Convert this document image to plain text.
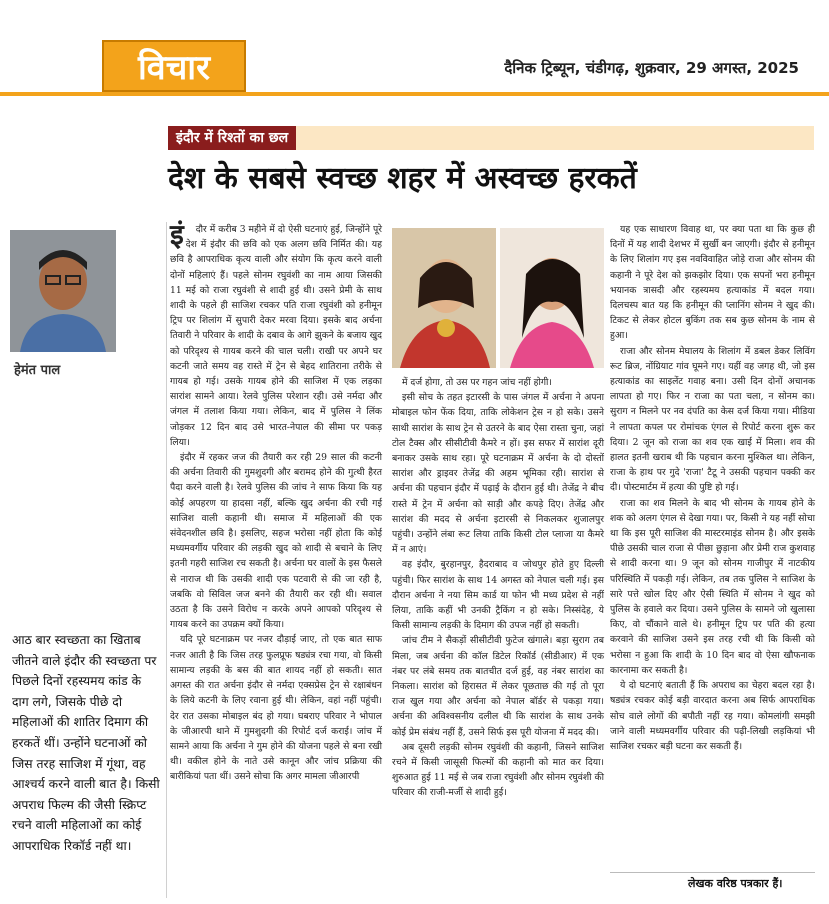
विचार	दैनिक ट्रिब्यून, चंडीगढ़, शुक्रवार, 29 अगस्त, 2025
इंदौर में रिश्तों का छल
देश के सबसे स्वच्छ शहर में अस्वच्छ हरकतें
हेमंत पाल
आठ बार स्वच्छता का खिताब जीतने वाले इंदौर की स्वच्छता पर पिछले दिनों रहस्यमय कांड के दाग लगे, जिसके पीछे दो महिलाओं की शातिर दिमाग की हरकतें थीं। उन्होंने घटनाओं को जिस तरह साजिश में गूंथा, वह आश्चर्य करने वाली बात है। किसी अपराध फिल्म की जैसी स्क्रिप्ट रचने वाली महिलाओं का कोई आपराधिक रिकॉर्ड नहीं था।
इं	दौर में करीब 3 महीने में दो ऐसी घटनाएं हुई, जिन्होंने पूरे देश में इंदौर की छवि को एक अलग छवि निर्मित की। यह छवि है आपराधिक कृत्य वाली और संयोग कि कृत्य करने वाली दोनों महिलाएं हैं। पहले सोनम रघुवंशी का नाम आया जिसकी 11 मई को राजा रघुवंशी से शादी हुई थी। उसने प्रेमी के साथ शादी के पहले ही साजिश रचकर पति राजा रघुवंशी को हनीमून ट्रिप पर शिलांग में सुपारी देकर मरवा दिया। इसके बाद अर्चना तिवारी ने परिवार के शादी के दबाव के आगे झुकने के बजाय खुद को परिदृश्य से गायब करने की चाल चली। राखी पर अपने घर कटनी जाते समय वह रास्ते में ट्रेन से बेहद शातिराना तरीके से गायब हो गई। उसके गायब होने की साजिश में एक लड़का सारांश सामने आया। रेलवे पुलिस परेशान रही। उसे नर्मदा और जंगल में तलाश किया गया। लेकिन, बाद में पुलिस ने लिंक जोड़कर 12 दिन बाद उसे भारत-नेपाल की सीमा पर पकड़ लिया।

इंदौर में रहकर जज की तैयारी कर रही 29 साल की कटनी की अर्चना तिवारी की गुमशुदगी और बरामद होने की गुत्थी हैरत पैदा करने वाली है। रेलवे पुलिस की जांच ने साफ किया कि यह कोई अपहरण या हादसा नहीं, बल्कि खुद अर्चना की रची गई साजिश वाली कहानी थी। समाज में महिलाओं की एक संवेदनशील छवि है। इसलिए, सहज भरोसा नहीं होता कि कोई मध्यमवर्गीय परिवार की लड़की खुद को शादी से बचाने के लिए इतनी गहरी साजिश रच सकती है। अर्चना घर वालों के इस फैसले से नाराज थी कि उसकी शादी एक पटवारी से की जा रही है, जबकि वो सिविल जज बनने की तैयारी कर रही थी। सवाल उठता है कि उसने विरोध न करके अपने आपको परिदृश्य से गायब करने का उपक्रम क्यों किया।

यदि पूरे घटनाक्रम पर नजर दौड़ाई जाए, तो एक बात साफ नजर आती है कि जिस तरह फुलप्रूफ षड्यंत्र रचा गया, वो किसी सामान्य लड़की के बस की बात शायद नहीं हो सकती। सात अगस्त की रात अर्चना इंदौर से नर्मदा एक्सप्रेस ट्रेन से रक्षाबंधन के लिये कटनी के लिए रवाना हुई थी। लेकिन, वहां नहीं पहुंची। देर रात उसका मोबाइल बंद हो गया। घबराए परिवार ने भोपाल के जीआरपी थाने में गुमशुदगी की रिपोर्ट दर्ज कराई। जांच में सामने आया कि अर्चना ने गुम होने की योजना पहले से बना रखी थी। वकील होने के नाते उसे कानून और जांच प्रक्रिया की बारीकियां पता थीं। उसने सोचा कि अगर मामला जीआरपी

में दर्ज होगा, तो उस पर गहन जांच नहीं होगी।

इसी सोच के तहत इटारसी के पास जंगल में अर्चना ने अपना मोबाइल फोन फेंक दिया, ताकि लोकेशन ट्रेस न हो सके। उसने साथी सारांश के साथ ट्रेन से उतरने के बाद ऐसा रास्ता चुना, जहां टोल टैक्स और सीसीटीवी कैमरे न हों। इस सफर में सारांश दूरी बनाकर उसके साथ रहा। पूरे घटनाक्रम में अर्चना के दो दोस्तों सारांश और ड्राइवर तेजेंद्र की अहम भूमिका रही। सारांश से अर्चना की पहचान इंदौर में पढ़ाई के दौरान हुई थी। तेजेंद्र ने बीच रास्ते में ट्रेन में अर्चना को साड़ी और कपड़े दिए। तेजेंद्र और सारांश की मदद से अर्चना इटारसी से निकलकर शुजालपुर पहुंची। उन्होंने लंबा रूट लिया ताकि किसी टोल प्लाजा या कैमरे में न आएं।

वह इंदौर, बुरहानपुर, हैदराबाद व जोधपुर होते हुए दिल्ली पहुंची। फिर सारांश के साथ 14 अगस्त को नेपाल चली गई। इस दौरान अर्चना ने नया सिम कार्ड या फोन भी मध्य प्रदेश से नहीं लिया, ताकि कहीं भी उनकी ट्रैकिंग न हो सके। निस्संदेह, ये किसी सामान्य लड़की के दिमाग की उपज नहीं हो सकती।

जांच टीम ने सैकड़ों सीसीटीवी फुटेज खंगाले। बड़ा सुराग तब मिला, जब अर्चना की कॉल डिटेल रिकॉर्ड (सीडीआर) में एक नंबर पर लंबे समय तक बातचीत दर्ज हुई, वह नंबर सारांश का निकला। सारांश को हिरासत में लेकर पूछताछ की गई तो पूरा राज खुल गया और अर्चना को नेपाल बॉर्डर से पकड़ा गया। अर्चना की अविश्वसनीय दलील थी कि सारांश के साथ उनके कोई प्रेम संबंध नहीं हैं, उसने सिर्फ इस पूरी योजना में मदद की।

अब दूसरी लड़की सोनम रघुवंशी की कहानी, जिसने साजिश रचने में किसी जासूसी फिल्मों की कहानी को मात कर दिया। शुरुआत हुई 11 मई से जब राजा रघुवंशी और सोनम रघुवंशी की परिवार की राजी-मर्जी से शादी हुई।

यह एक साधारण विवाह था, पर क्या पता था कि कुछ ही दिनों में यह शादी देशभर में सुर्खी बन जाएगी। इंदौर से हनीमून के लिए शिलांग गए इस नवविवाहित जोड़े राजा और सोनम की कहानी ने पूरे देश को झकझोर दिया। एक सपनों भरा हनीमून भयानक त्रासदी और रहस्यमय हत्याकांड में बदल गया। दिलचस्प बात यह कि हनीमून की प्लानिंग सोनम ने खुद की। टिकट से लेकर होटल बुकिंग तक सब कुछ सोनम के नाम से हुआ।

राजा और सोनम मेघालय के शिलांग में डबल डेकर लिविंग रूट ब्रिज, नोंग्रियाट गांव घूमने गए। यहीं वह जगह थी, जो इस हत्याकांड का साइलेंट गवाह बना। उसी दिन दोनों अचानक लापता हो गए। फिर न राजा का पता चला, न सोनम का। सुराग न मिलने पर नव दंपति का केस दर्ज किया गया। मीडिया ने लापता कपल पर रोमांचक एंगल से रिपोर्ट करना शुरू कर दिया। 2 जून को राजा का शव एक खाई में मिला। शव की हालत इतनी खराब थी कि पहचान करना मुश्किल था। लेकिन, राजा के हाथ पर गुदे 'राजा' टैटू ने उसकी पहचान पक्की कर दी। पोस्टमार्टम में हत्या की पुष्टि हो गई।

राजा का शव मिलने के बाद भी सोनम के गायब होने के शक को अलग एंगल से देखा गया। पर, किसी ने यह नहीं सोचा था कि इस पूरी साजिश की मास्टरमाइंड सोनम है। और इसके पीछे उसकी चाल राजा से पीछा छुड़ाना और प्रेमी राज कुशवाह से शादी करना था। 9 जून को सोनम गाजीपुर में नाटकीय परिस्थिति में पकड़ी गई। लेकिन, तब तक पुलिस ने साजिश के सारे पत्ते खोल दिए और ऐसी स्थिति में सोनम ने खुद को पुलिस के हवाले कर दिया। उसने पुलिस के सामने जो खुलासा किए, वो चौंकाने वाले थे। हनीमून ट्रिप पर पति की हत्या करवाने की साजिश उसने इस तरह रची थी कि किसी को भरोसा न हुआ कि शादी के 10 दिन बाद वो ऐसा खौफनाक कारनामा कर सकती है।

ये दो घटनाएं बताती हैं कि अपराध का चेहरा बदल रहा है। षड्यंत्र रचकर कोई बड़ी वारदात करना अब सिर्फ आपराधिक सोच वाले लोगों की बपौती नहीं रह गया। कोमलांगी समझी जाने वाली मध्यमवर्गीय परिवार की पढ़ी-लिखी लड़कियां भी साजिश रचकर बड़ी घटना कर सकती हैं।

लेखक वरिष्ठ पत्रकार हैं।
